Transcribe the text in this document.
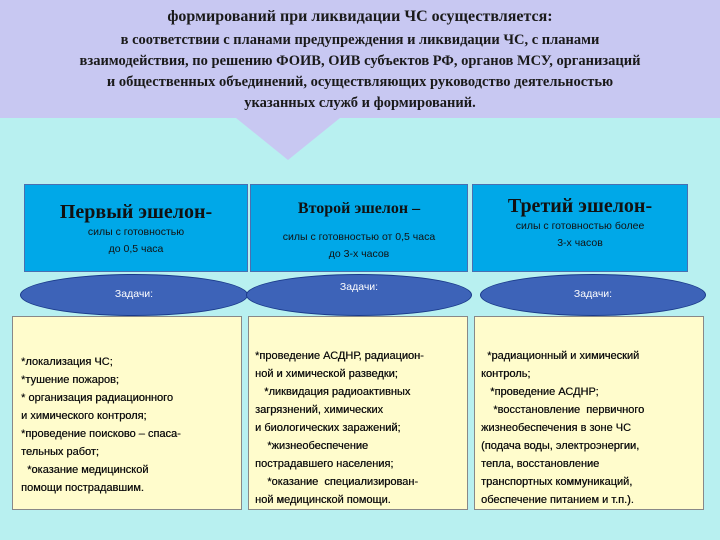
формирований при ликвидации ЧС осуществляется:
в соответствии с планами предупреждения и ликвидации ЧС, с планами
взаимодействия, по решению ФОИВ, ОИВ субъектов РФ, органов МСУ, организаций
и общественных объединений, осуществляющих руководство деятельностью
указанных служб и формирований.
Первый эшелон-
силы с готовностью
до 0,5 часа
Второй эшелон –
силы с готовностью от 0,5 часа
до 3-х часов
Третий эшелон-
силы с готовностью более
3-х часов
Задачи:
Задачи:
Задачи:
*локализация ЧС;
*тушение пожаров;
* организация радиационного
и химического контроля;
*проведение поисково – спаса-
тельных работ;
*оказание медицинской
помощи пострадавшим.
*проведение АСДНР, радиацион-
ной и химической разведки;
*ликвидация радиоактивных
загрязнений, химических
и биологических заражений;
*жизнеобеспечение
пострадавшего населения;
*оказание  специализирован-
ной медицинской помощи.
*радиационный и химический
контроль;
*проведение АСДНР;
*восстановление  первичного
жизнеобеспечения в зоне ЧС
(подача воды, электроэнергии,
тепла, восстановление
транспортных коммуникаций,
обеспечение питанием и т.п.).
